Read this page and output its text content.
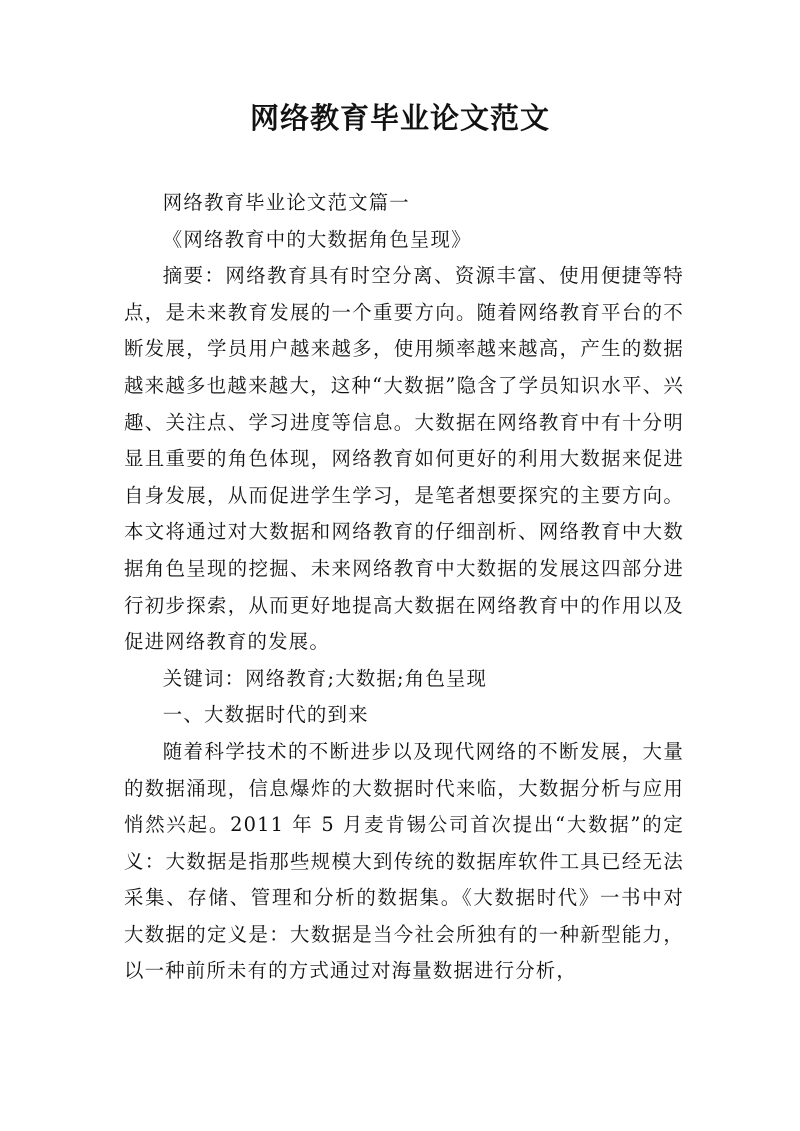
网络教育毕业论文范文

网络教育毕业论文范文篇一

《网络教育中的大数据角色呈现》

摘要：网络教育具有时空分离、资源丰富、使用便捷等特点，是未来教育发展的一个重要方向。随着网络教育平台的不断发展，学员用户越来越多，使用频率越来越高，产生的数据越来越多也越来越大，这种“大数据”隐含了学员知识水平、兴趣、关注点、学习进度等信息。大数据在网络教育中有十分明显且重要的角色体现，网络教育如何更好的利用大数据来促进自身发展，从而促进学生学习，是笔者想要探究的主要方向。本文将通过对大数据和网络教育的仔细剖析、网络教育中大数据角色呈现的挖掘、未来网络教育中大数据的发展这四部分进行初步探索，从而更好地提高大数据在网络教育中的作用以及促进网络教育的发展。

关键词：网络教育;大数据;角色呈现

一、大数据时代的到来

随着科学技术的不断进步以及现代网络的不断发展，大量的数据涌现，信息爆炸的大数据时代来临，大数据分析与应用悄然兴起。2011 年 5 月麦肯锡公司首次提出“大数据”的定义：大数据是指那些规模大到传统的数据库软件工具已经无法采集、存储、管理和分析的数据集。《大数据时代》一书中对大数据的定义是：大数据是当今社会所独有的一种新型能力，以一种前所未有的方式通过对海量数据进行分析，
